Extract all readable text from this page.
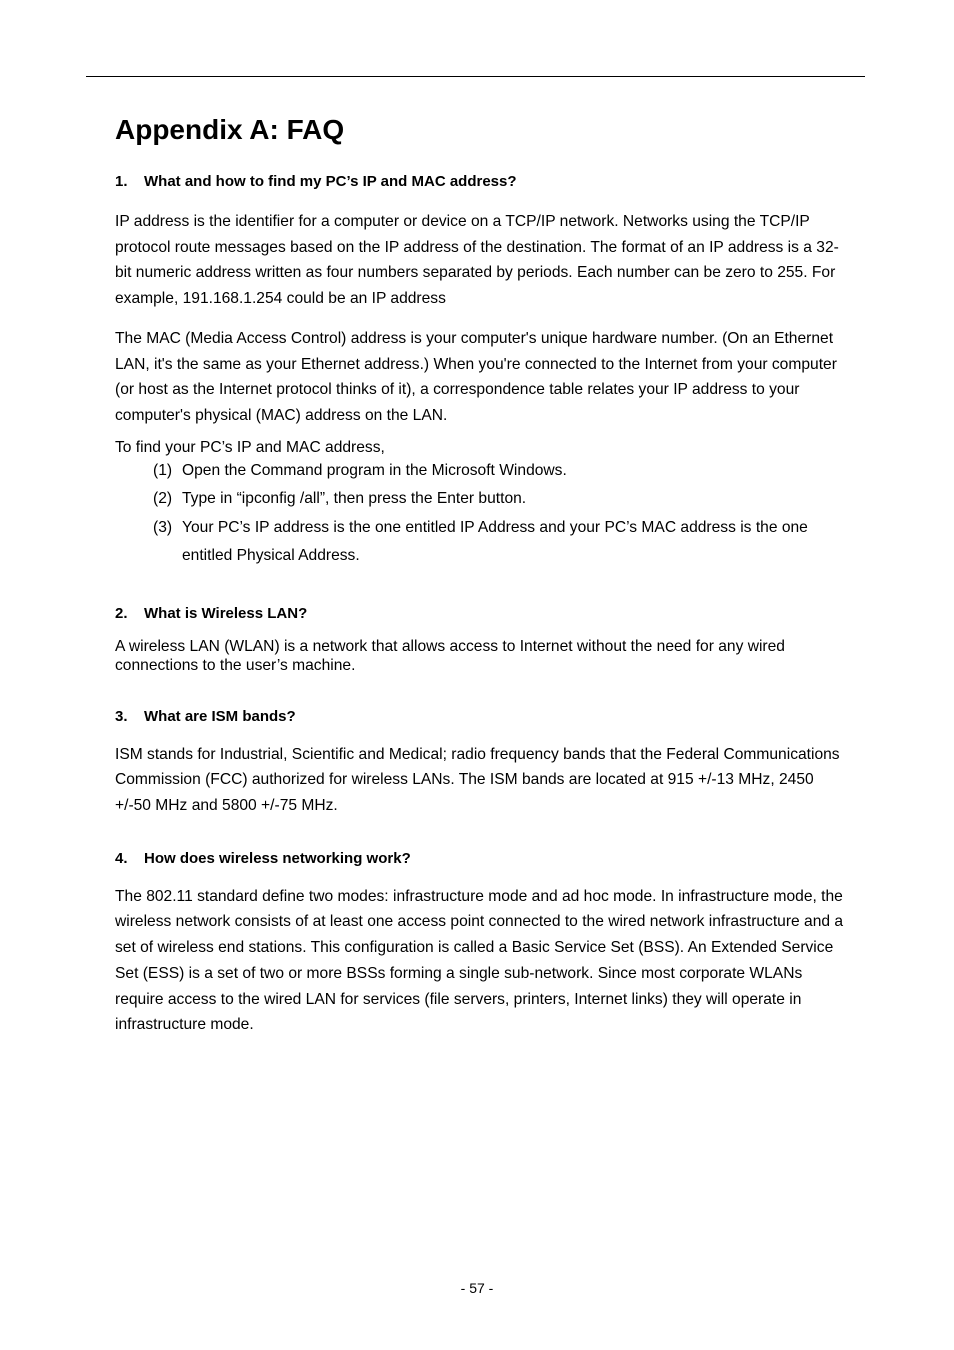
Appendix A: FAQ
1.	What and how to find my PC’s IP and MAC address?

IP address is the identifier for a computer or device on a TCP/IP network. Networks using the TCP/IP protocol route messages based on the IP address of the destination. The format of an IP address is a 32-bit numeric address written as four numbers separated by periods. Each number can be zero to 255. For example, 191.168.1.254 could be an IP address

The MAC (Media Access Control) address is your computer's unique hardware number. (On an Ethernet LAN, it's the same as your Ethernet address.) When you're connected to the Internet from your computer (or host as the Internet protocol thinks of it), a correspondence table relates your IP address to your computer's physical (MAC) address on the LAN.

To find your PC’s IP and MAC address,

(1) Open the Command program in the Microsoft Windows.
(2) Type in “ipconfig /all”, then press the Enter button.
(3) Your PC’s IP address is the one entitled IP Address and your PC’s MAC address is the one entitled Physical Address.
2.	What is Wireless LAN?

A wireless LAN (WLAN) is a network that allows access to Internet without the need for any wired connections to the user’s machine.

3.	What are ISM bands?

ISM stands for Industrial, Scientific and Medical; radio frequency bands that the Federal Communications Commission (FCC) authorized for wireless LANs. The ISM bands are located at 915 +/-13 MHz, 2450 +/-50 MHz and 5800 +/-75 MHz.

4.	How does wireless networking work?

The 802.11 standard define two modes: infrastructure mode and ad hoc mode. In infrastructure mode, the wireless network consists of at least one access point connected to the wired network infrastructure and a set of wireless end stations. This configuration is called a Basic Service Set (BSS). An Extended Service Set (ESS) is a set of two or more BSSs forming a single sub-network. Since most corporate WLANs require access to the wired LAN for services (file servers, printers, Internet links) they will operate in infrastructure mode.

- 57 -
